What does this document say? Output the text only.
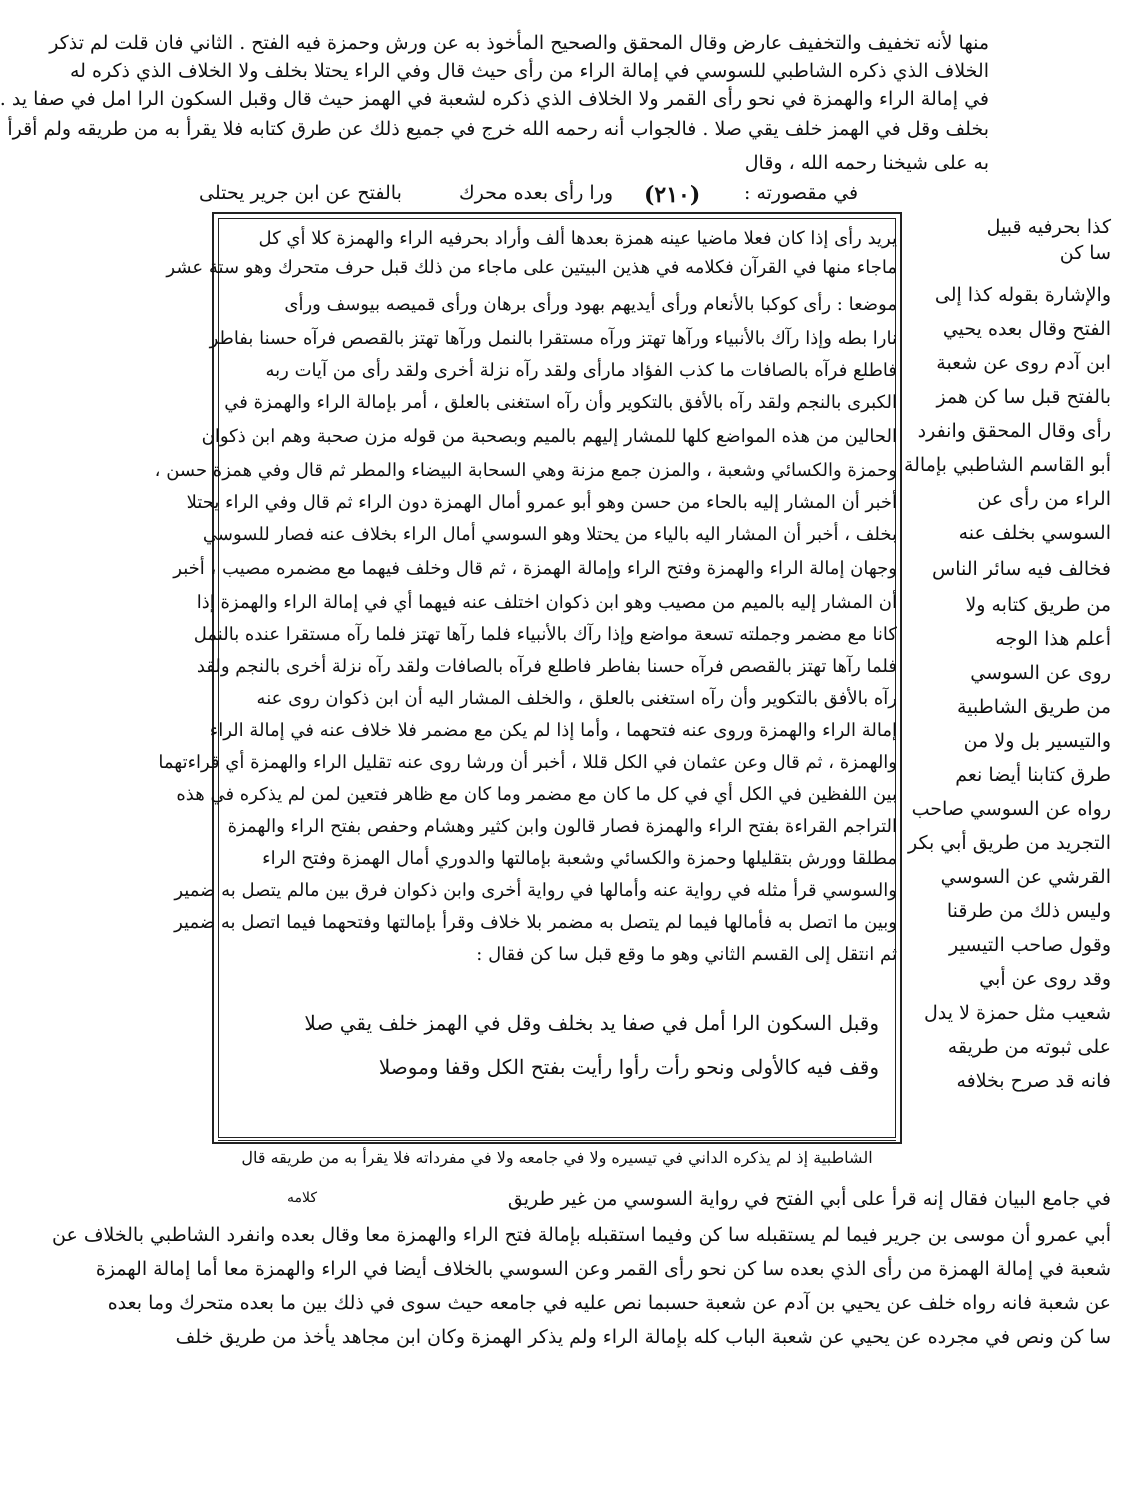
منها لأنه تخفيف والتخفيف عارض وقال المحقق والصحيح المأخوذ به عن ورش وحمزة فيه الفتح . الثاني فان قلت لم تذكر
الخلاف الذي ذكره الشاطبي للسوسي في إمالة الراء من رأى حيث قال وفي الراء يحتلا بخلف ولا الخلاف الذي ذكره له
في إمالة الراء والهمزة في نحو رأى القمر ولا الخلاف الذي ذكره لشعبة في الهمز حيث قال وقبل السكون الرا امل في صفا يد .
بخلف وقل في الهمز خلف يقي صلا . فالجواب أنه رحمه الله خرج في جميع ذلك عن طرق كتابه فلا يقرأ به من طريقه ولم أقرأ
به على شيخنا رحمه الله ، وقال
بالفتح عن ابن جرير يحتلى	ورا رأى بعده محرك (٢١٠) في مقصورته :
يريد رأى إذا كان فعلا ماضيا عينه همزة بعدها ألف وأراد بحرفيه الراء والهمزة كلا أي كل
ماجاء منها في القرآن فكلامه في هذين البيتين على ماجاء من ذلك قبل حرف متحرك وهو ستة عشر
موضعا : رأى كوكبا بالأنعام ورأى أيديهم بهود ورأى برهان ورأى قميصه بيوسف ورأى
نارا بطه وإذا رآك بالأنبياء ورآها تهتز ورآه مستقرا بالنمل ورآها تهتز بالقصص فرآه حسنا بفاطر
فاطلع فرآه بالصافات ما كذب الفؤاد مارأى ولقد رآه نزلة أخرى ولقد رأى من آيات ربه
الكبرى بالنجم ولقد رآه بالأفق بالتكوير وأن رآه استغنى بالعلق ، أمر بإمالة الراء والهمزة في
الحالين من هذه المواضع كلها للمشار إليهم بالميم وبصحبة من قوله مزن صحبة وهم ابن ذكوان
وحمزة والكسائي وشعبة ، والمزن جمع مزنة وهي السحابة البيضاء والمطر ثم قال وفي همزة حسن ،
أخبر أن المشار إليه بالحاء من حسن وهو أبو عمرو أمال الهمزة دون الراء ثم قال وفي الراء يحتلا
بخلف ، أخبر أن المشار اليه بالياء من يحتلا وهو السوسي أمال الراء بخلاف عنه فصار للسوسي
وجهان إمالة الراء والهمزة وفتح الراء وإمالة الهمزة ، ثم قال وخلف فيهما مع مضمره مصيب ، أخبر
أن المشار إليه بالميم من مصيب وهو ابن ذكوان اختلف عنه فيهما أي في إمالة الراء والهمزة إذا
كانا مع مضمر وجملته تسعة مواضع وإذا رآك بالأنبياء فلما رآها تهتز فلما رآه مستقرا عنده بالنمل
فلما رآها تهتز بالقصص فرآه حسنا بفاطر فاطلع فرآه بالصافات ولقد رآه نزلة أخرى بالنجم ولقد
رآه بالأفق بالتكوير وأن رآه استغنى بالعلق ، والخلف المشار اليه أن ابن ذكوان روى عنه
إمالة الراء والهمزة وروى عنه فتحهما ، وأما إذا لم يكن مع مضمر فلا خلاف عنه في إمالة الراء
والهمزة ، ثم قال وعن عثمان في الكل قللا ، أخبر أن ورشا روى عنه تقليل الراء والهمزة أي قراءتهما
بين اللفظين في الكل أي في كل ما كان مع مضمر وما كان مع ظاهر فتعين لمن لم يذكره في هذه
التراجم القراءة بفتح الراء والهمزة فصار قالون وابن كثير وهشام وحفص بفتح الراء والهمزة
مطلقا وورش بتقليلها وحمزة والكسائي وشعبة بإمالتها والدوري أمال الهمزة وفتح الراء
والسوسي قرأ مثله في رواية عنه وأمالها في رواية أخرى وابن ذكوان فرق بين مالم يتصل به ضمير
وبين ما اتصل به فأمالها فيما لم يتصل به مضمر بلا خلاف وقرأ بإمالتها وفتحهما فيما اتصل به ضمير
ثم انتقل إلى القسم الثاني وهو ما وقع قبل سا كن فقال :
وقبل السكون الرا أمل في صفا يد بخلف وقل في الهمز خلف يقي صلا
وقف فيه كالأولى ونحو رأت رأوا رأيت بفتح الكل وقفا وموصلا
الشاطبية إذ لم يذكره الداني في تيسيره ولا في جامعه ولا في مفرداته فلا يقرأ به من طريقه قال
كذا بحرفيه قبيل
سا كن
والإشارة بقوله كذا إلى
الفتح وقال بعده يحيي
ابن آدم روى عن شعبة
بالفتح قبل سا كن همز
رأى وقال المحقق وانفرد
أبو القاسم الشاطبي بإمالة
الراء من رأى عن
السوسي بخلف عنه
فخالف فيه سائر الناس
من طريق كتابه ولا
أعلم هذا الوجه
روى عن السوسي
من طريق الشاطبية
والتيسير بل ولا من
طرق كتابنا أيضا نعم
رواه عن السوسي صاحب
التجريد من طريق أبي بكر
القرشي عن السوسي
وليس ذلك من طرقنا
وقول صاحب التيسير
وقد روى عن أبي
شعيب مثل حمزة لا يدل
على ثبوته من طريقه
فانه قد صرح بخلافه
في جامع البيان فقال إنه قرأ على أبي الفتح في رواية السوسي من غير طريق
كلامه
أبي عمرو أن موسى بن جرير فيما لم يستقبله سا كن وفيما استقبله بإمالة فتح الراء والهمزة معا وقال بعده وانفرد الشاطبي بالخلاف عن
شعبة في إمالة الهمزة من رأى الذي بعده سا كن نحو رأى القمر وعن السوسي بالخلاف أيضا في الراء والهمزة معا أما إمالة الهمزة
عن شعبة فانه رواه خلف عن يحيي بن آدم عن شعبة حسبما نص عليه في جامعه حيث سوى في ذلك بين ما بعده متحرك وما بعده
سا كن ونص في مجرده عن يحيي عن شعبة الباب كله بإمالة الراء ولم يذكر الهمزة وكان ابن مجاهد يأخذ من طريق خلف
